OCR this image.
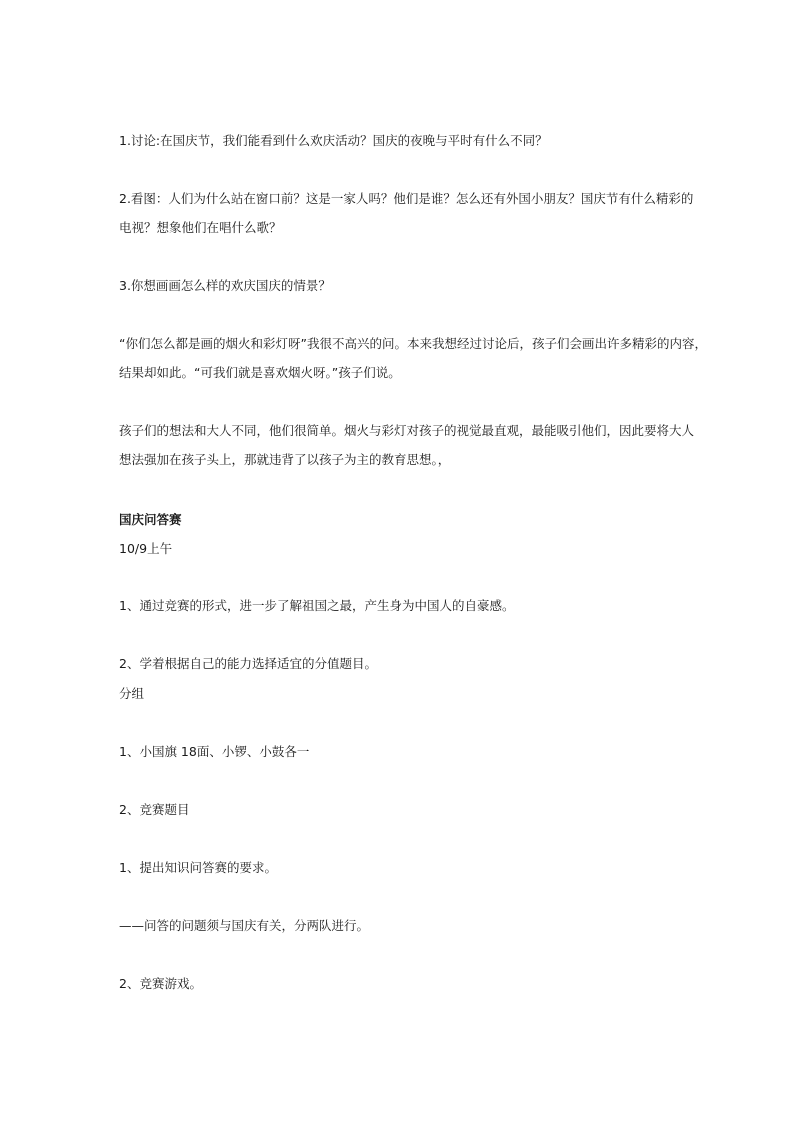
1.讨论:在国庆节，我们能看到什么欢庆活动？国庆的夜晚与平时有什么不同？
2.看图：人们为什么站在窗口前？这是一家人吗？他们是谁？怎么还有外国小朋友？国庆节有什么精彩的
电视？想象他们在唱什么歌？
3.你想画画怎么样的欢庆国庆的情景？
“你们怎么都是画的烟火和彩灯呀”我很不高兴的问。本来我想经过讨论后，孩子们会画出许多精彩的内容，
结果却如此。“可我们就是喜欢烟火呀。”孩子们说。
孩子们的想法和大人不同，他们很简单。烟火与彩灯对孩子的视觉最直观，最能吸引他们，因此要将大人
想法强加在孩子头上，那就违背了以孩子为主的教育思想。，
国庆问答赛
10/9上午
1、通过竞赛的形式，进一步了解祖国之最，产生身为中国人的自豪感。
2、学着根据自己的能力选择适宜的分值题目。
分组
1、小国旗 18面、小锣、小鼓各一
2、竞赛题目
1、提出知识问答赛的要求。
——问答的问题须与国庆有关，分两队进行。
2、竞赛游戏。
